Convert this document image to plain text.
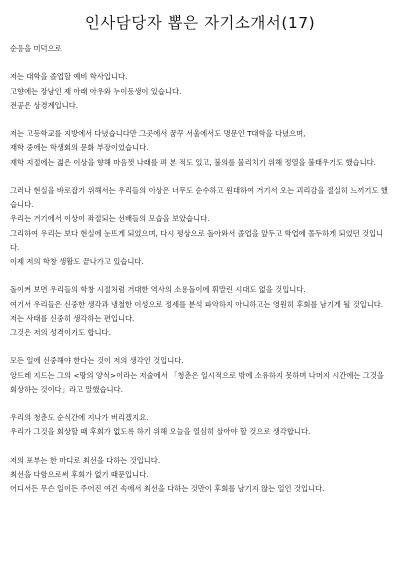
인사담당자 뽑은 자기소개서(17)
순응을 미덕으로
저는 대학을 졸업할 예비 학사입니다.
고향에는 장남인 제 아래 아우와 누이동생이 있습니다.
전공은 상경계입니다.
저는 고등학교를 지방에서 다녔습니다만 그곳에서 꿈꾸 서울에서도 명문인 T대학을 다녔으며,
재학 중에는 학생회의 문화 부장이었습니다.
재학 지절에는 젊은 이상을 향해 마음껏 나래를 펴 본 적도 있고, 불의를 물리치기 위해 정열을 불태우기도 했습니다.
그러나 현실을 바로잡기 위해서는 우리들의 이상은 너무도 순수하고 원대하여 거기서 오는 괴리감을 절실히 느끼기도 했습니다.
우리는 거기에서 이상이 좌절되는 선배들의 모습을 보았습니다.
그리하여 우리는 보다 현실에 눈뜨게 되었으며, 다시 평상으로 돌아와서 졸업을 앞두고 학업에 몰두하게 되었던 것입니다.
이제 저의 학창 생활도 끝나가고 있습니다.
돌이켜 보면 우리들의 학창 시절처럼 거대한 역사의 소용돌이에 휘말린 시대도 없을 것입니다.
여기서 우리들은 신중한 생각과 냉철한 이성으로 정세를 분석 파악하지 아니하고는 영원히 후회를 남기게 될 것입니다.
저는 사태를 신중히 생각하는 편입니다.
그것은 저의 성격이기도 합니다.
모든 일에 신중해야 한다는 것이 저의 생각인 것입니다.
앙드레 지드는 그의 <땅의 양식>이라는 저술에서 「청춘은 일시적으로 밖에 소유하지 못하며 나머지 시간에는 그것을 회상하는 것이다」라고 말했습니다.
우리의 청춘도 순식간에 지나가 버리겠지요.
우리가 그것을 회상할 때 후회가 없도록 하기 위해 오늘을 열심히 살아야 할 것으로 생각합니다.
저의 포부는 한 마디로 최선을 다하는 것입니다.
최선을 다함으로써 후회가 없기 때문입니다.
어디서든 무슨 일이든 주어진 여건 속에서 최선을 다하는 것만이 후회를 남기지 않는 일인 것입니다.
